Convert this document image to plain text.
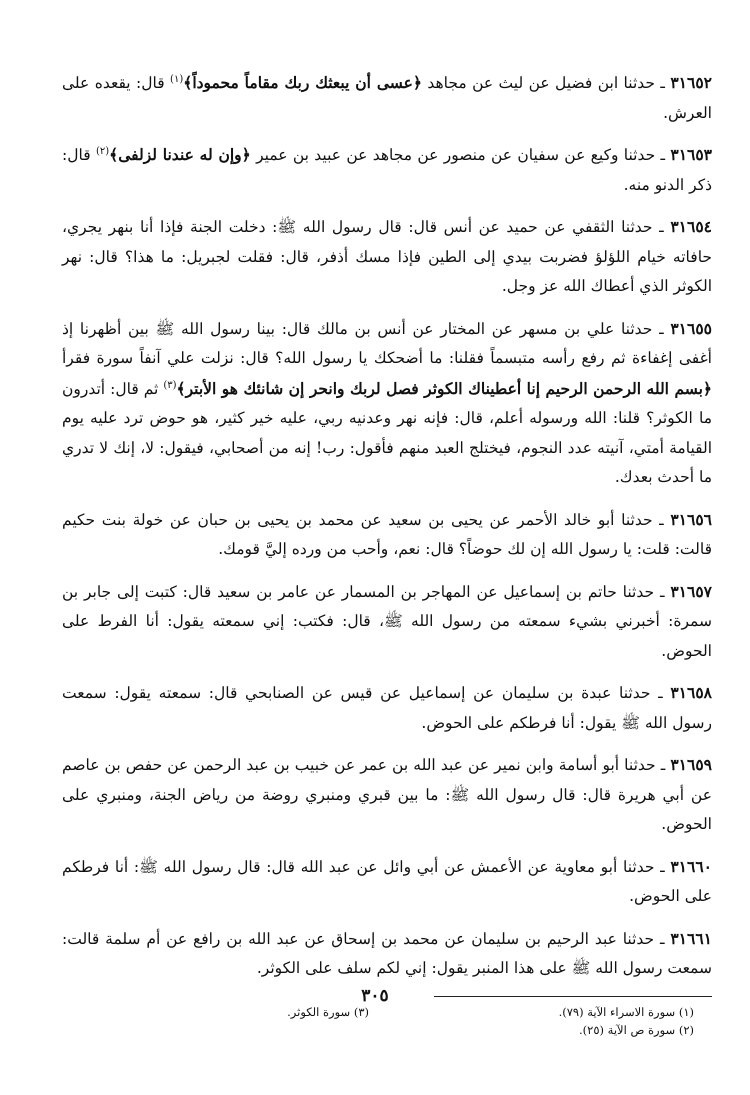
٣١٦٥٢ ـ حدثنا ابن فضيل عن ليث عن مجاهد ﴿عسى أن يبعثك ربك مقاماً محموداً﴾$^{(١)}$ قال: يقعده على العرش.

٣١٦٥٣ ـ حدثنا وكيع عن سفيان عن منصور عن مجاهد عن عبيد بن عمير ﴿وإن له عندنا لزلفى﴾$^{(٢)}$ قال: ذكر الدنو منه.

٣١٦٥٤ ـ حدثنا الثقفي عن حميد عن أنس قال: قال رسول الله ﷺ: دخلت الجنة فإذا أنا بنهر يجري، حافاته خيام اللؤلؤ فضربت بيدي إلى الطين فإذا مسك أذفر، قال: فقلت لجبريل: ما هذا؟ قال: نهر الكوثر الذي أعطاك الله عز وجل.

٣١٦٥٥ ـ حدثنا علي بن مسهر عن المختار عن أنس بن مالك قال: بينا رسول الله ﷺ بين أظهرنا إذ أغفى إغفاءة ثم رفع رأسه متبسماً فقلنا: ما أضحكك يا رسول الله؟ قال: نزلت علي آنفاً سورة فقرأ ﴿بسم الله الرحمن الرحيم إنا أعطيناك الكوثر فصل لربك وانحر إن شانئك هو الأبتر﴾$^{(٣)}$ ثم قال: أتدرون ما الكوثر؟ قلنا: الله ورسوله أعلم، قال: فإنه نهر وعدنيه ربي، عليه خير كثير، هو حوض ترد عليه يوم القيامة أمتي، آنيته عدد النجوم، فيختلج العبد منهم فأقول: رب! إنه من أصحابي، فيقول: لا، إنك لا تدري ما أحدث بعدك.

٣١٦٥٦ ـ حدثنا أبو خالد الأحمر عن يحيى بن سعيد عن محمد بن يحيى بن حبان عن خولة بنت حكيم قالت: قلت: يا رسول الله إن لك حوضاً؟ قال: نعم، وأحب من ورده إليَّ قومك.

٣١٦٥٧ ـ حدثنا حاتم بن إسماعيل عن المهاجر بن المسمار عن عامر بن سعيد قال: كتبت إلى جابر بن سمرة: أخبرني بشيء سمعته من رسول الله ﷺ، قال: فكتب: إني سمعته يقول: أنا الفرط على الحوض.

٣١٦٥٨ ـ حدثنا عبدة بن سليمان عن إسماعيل عن قيس عن الصنابحي قال: سمعته يقول: سمعت رسول الله ﷺ يقول: أنا فرطكم على الحوض.

٣١٦٥٩ ـ حدثنا أبو أسامة وابن نمير عن عبد الله بن عمر عن خبيب بن عبد الرحمن عن حفص بن عاصم عن أبي هريرة قال: قال رسول الله ﷺ: ما بين قبري ومنبري روضة من رياض الجنة، ومنبري على الحوض.

٣١٦٦٠ ـ حدثنا أبو معاوية عن الأعمش عن أبي وائل عن عبد الله قال: قال رسول الله ﷺ: أنا فرطكم على الحوض.

٣١٦٦١ ـ حدثنا عبد الرحيم بن سليمان عن محمد بن إسحاق عن عبد الله بن رافع عن أم سلمة قالت: سمعت رسول الله ﷺ على هذا المنبر يقول: إني لكم سلف على الكوثر.

(١) سورة الاسراء الآية (٧٩).
(٣) سورة الكوثر.
(٢) سورة ص الآية (٢٥).
٣٠٥
